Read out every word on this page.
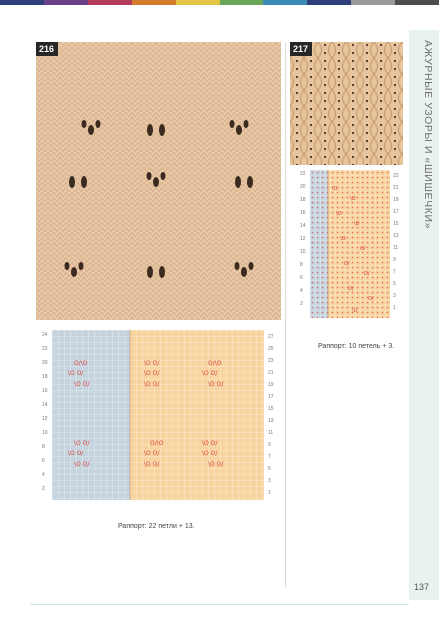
АЖУРНЫЕ УЗОРЫ И «ШИШЕЧКИ»
137
216	217
O/\O
\O O/
\O O/
\O O/	O/\O
\O O/	\O O/
\O O/	\O O/
\O O/
\O O/
\O O/
O/\O	\O O/
\O O/	\O O/
\O O/	\O O/
24
22
20
18
16
14
12
10
8
6
4
2
27
25
23
21
19
17
15
13
11
9
7
5
3
1
Раппорт: 22 петли + 13.
\O
\O
\O
\O
\O
O/
O/
O/
O/
O/
\O
22
20
18
16
14
12
10
8
6
4
2
23
21
19
17
15
13
11
9
7
5
3
1
Раппорт: 10 петель + 3.
